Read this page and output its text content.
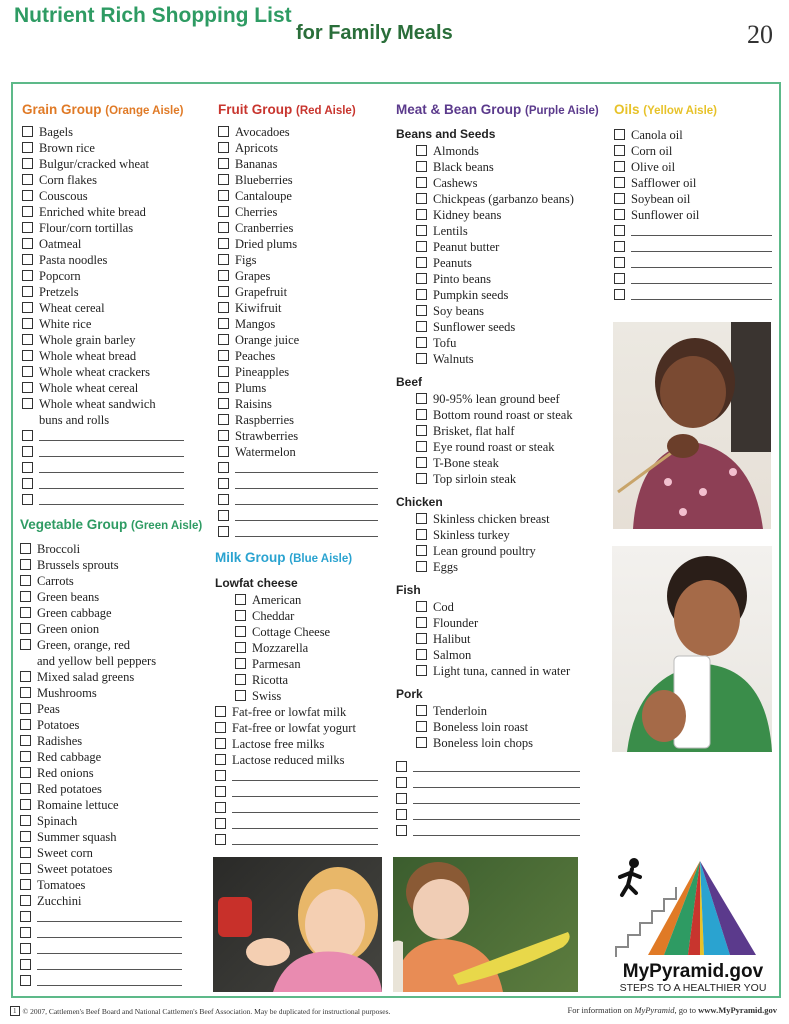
Nutrient Rich Shopping List
for Family Meals	20
Grain Group (Orange Aisle)
Bagels
Brown rice
Bulgur/cracked wheat
Corn flakes
Couscous
Enriched white bread
Flour/corn tortillas
Oatmeal
Pasta noodles
Popcorn
Pretzels
Wheat cereal
White rice
Whole grain barley
Whole wheat bread
Whole wheat crackers
Whole wheat cereal
Whole wheat sandwich
buns and rolls
Vegetable Group (Green Aisle)
Broccoli
Brussels sprouts
Carrots
Green beans
Green cabbage
Green onion
Green, orange, red
and yellow bell peppers
Mixed salad greens
Mushrooms
Peas
Potatoes
Radishes
Red cabbage
Red onions
Red potatoes
Romaine lettuce
Spinach
Summer squash
Sweet corn
Sweet potatoes
Tomatoes
Zucchini
Fruit Group (Red Aisle)
Avocadoes
Apricots
Bananas
Blueberries
Cantaloupe
Cherries
Cranberries
Dried plums
Figs
Grapes
Grapefruit
Kiwifruit
Mangos
Orange juice
Peaches
Pineapples
Plums
Raisins
Raspberries
Strawberries
Watermelon
Milk Group (Blue Aisle)
Lowfat cheese
American
Cheddar
Cottage Cheese
Mozzarella
Parmesan
Ricotta
Swiss
Fat-free or lowfat milk
Fat-free or lowfat yogurt
Lactose free milks
Lactose reduced milks
Meat & Bean Group (Purple Aisle)
Beans and Seeds
Almonds
Black beans
Cashews
Chickpeas (garbanzo beans)
Kidney beans
Lentils
Peanut butter
Peanuts
Pinto beans
Pumpkin seeds
Soy beans
Sunflower seeds
Tofu
Walnuts
Beef
90-95% lean ground beef
Bottom round roast or steak
Brisket, flat half
Eye round roast or steak
T-Bone steak
Top sirloin steak
Chicken
Skinless chicken breast
Skinless turkey
Lean ground poultry
Eggs
Fish
Cod
Flounder
Halibut
Salmon
Light tuna, canned in water
Pork
Tenderloin
Boneless loin roast
Boneless loin chops
Oils (Yellow Aisle)
Canola oil
Corn oil
Olive oil
Safflower oil
Soybean oil
Sunflower oil
MyPyramid.gov
STEPS TO A HEALTHIER YOU
1 © 2007, Cattlemen's Beef Board and National Cattlemen's Beef Association. May be duplicated for instructional purposes.	For information on MyPyramid, go to www.MyPyramid.gov
